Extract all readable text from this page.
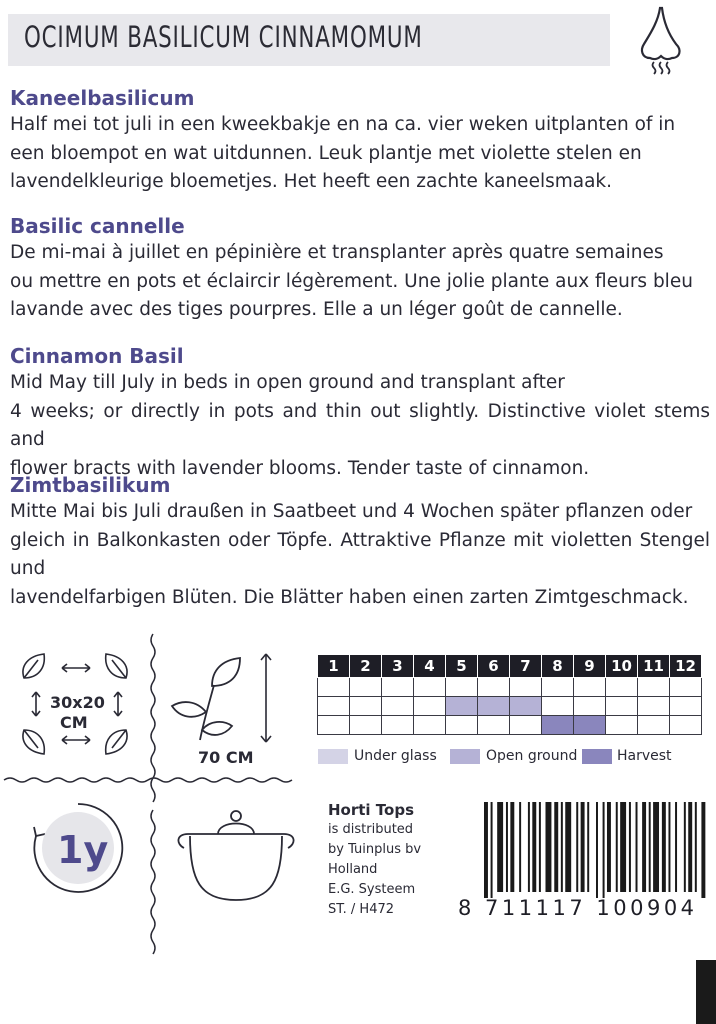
OCIMUM BASILICUM CINNAMOMUM
Kaneelbasilicum

Half mei tot juli in een kweekbakje en na ca. vier weken uitplanten of in
een bloempot en wat uitdunnen. Leuk plantje met violette stelen en
lavendelkleurige bloemetjes. Het heeft een zachte kaneelsmaak.

Basilic cannelle

De mi-mai à juillet en pépinière et transplanter après quatre semaines
ou mettre en pots et éclaircir légèrement. Une jolie plante aux fleurs bleu
lavande avec des tiges pourpres. Elle a un léger goût de cannelle.

Cinnamon Basil

Mid May till July in beds in open ground and transplant after
4 weeks; or directly in pots and thin out slightly. Distinctive violet stems and
flower bracts with lavender blooms. Tender taste of cinnamon.

Zimtbasilikum

Mitte Mai bis Juli draußen in Saatbeet und 4 Wochen später pflanzen oder
gleich in Balkonkasten oder Töpfe. Attraktive Pflanze mit violetten Stengel und
lavendelfarbigen Blüten. Die Blätter haben einen zarten Zimtgeschmack.

30x20
CM
70 CM
1y
1	2	3	4	5	6	7	8	9	10	11	12

Under glass	Open ground	Harvest
Horti Tops
is distributed
by Tuinplus bv
Holland
E.G. Systeem
ST. / H472	8 711117 100904
